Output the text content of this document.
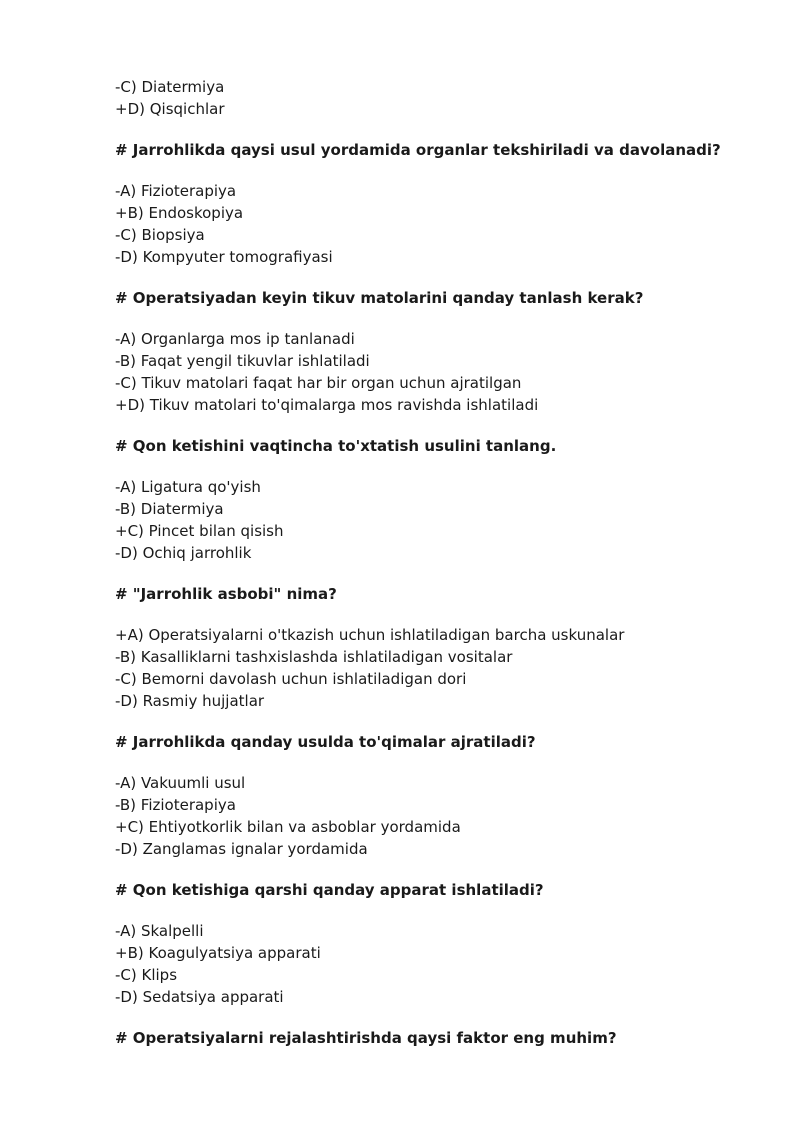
-C) Diatermiya
+D) Qisqichlar
# Jarrohlikda qaysi usul yordamida organlar tekshiriladi va davolanadi?
-A) Fizioterapiya
+B) Endoskopiya
-C) Biopsiya
-D) Kompyuter tomografiyasi
# Operatsiyadan keyin tikuv matolarini qanday tanlash kerak?
-A) Organlarga mos ip tanlanadi
-B) Faqat yengil tikuvlar ishlatiladi
-C) Tikuv matolari faqat har bir organ uchun ajratilgan
+D) Tikuv matolari to'qimalarga mos ravishda ishlatiladi
# Qon ketishini vaqtincha to'xtatish usulini tanlang.
-A) Ligatura qo'yish
-B) Diatermiya
+C) Pincet bilan qisish
-D) Ochiq jarrohlik
# "Jarrohlik asbobi" nima?
+A) Operatsiyalarni o'tkazish uchun ishlatiladigan barcha uskunalar
-B) Kasalliklarni tashxislashda ishlatiladigan vositalar
-C) Bemorni davolash uchun ishlatiladigan dori
-D) Rasmiy hujjatlar
# Jarrohlikda qanday usulda to'qimalar ajratiladi?
-A) Vakuumli usul
-B) Fizioterapiya
+C) Ehtiyotkorlik bilan va asboblar yordamida
-D) Zanglamas ignalar yordamida
# Qon ketishiga qarshi qanday apparat ishlatiladi?
-A) Skalpelli
+B) Koagulyatsiya apparati
-C) Klips
-D) Sedatsiya apparati
# Operatsiyalarni rejalashtirishda qaysi faktor eng muhim?
